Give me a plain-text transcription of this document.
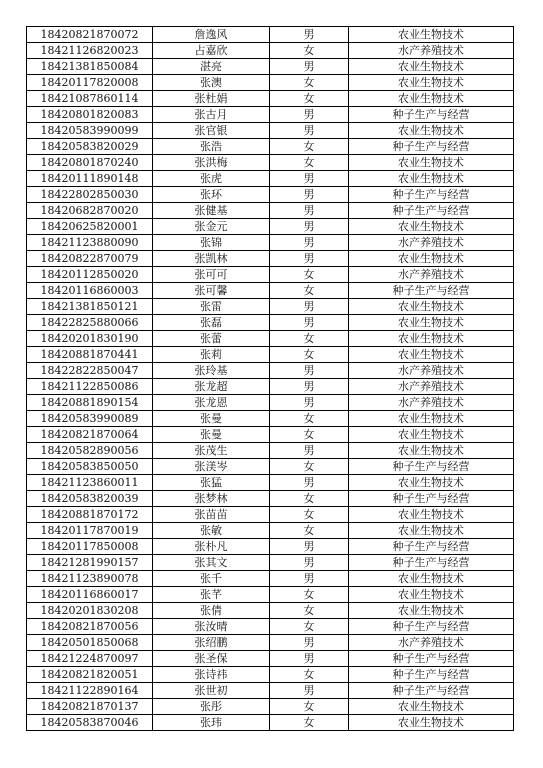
18420821870072	詹逸风	男	农业生物技术
18421126820023	占嘉欣	女	水产养殖技术
18421381850084	湛亮	男	农业生物技术
18420117820008	张澳	女	农业生物技术
18421087860114	张杜娟	女	农业生物技术
18420801820083	张古月	男	种子生产与经营
18420583990099	张官银	男	农业生物技术
18420583820029	张浩	女	种子生产与经营
18420801870240	张洪梅	女	农业生物技术
18420111890148	张虎	男	农业生物技术
18422802850030	张环	男	种子生产与经营
18420682870020	张健基	男	种子生产与经营
18420625820001	张金元	男	农业生物技术
18421123880090	张锦	男	水产养殖技术
18420822870079	张凯林	男	农业生物技术
18420112850020	张可可	女	水产养殖技术
18420116860003	张可馨	女	种子生产与经营
18421381850121	张雷	男	农业生物技术
18422825880066	张磊	男	农业生物技术
18420201830190	张蕾	女	农业生物技术
18420881870441	张莉	女	农业生物技术
18422822850047	张玲基	男	水产养殖技术
18421122850086	张龙超	男	水产养殖技术
18420881890154	张龙恩	男	水产养殖技术
18420583990089	张曼	女	农业生物技术
18420821870064	张曼	女	农业生物技术
18420582890056	张茂生	男	农业生物技术
18420583850050	张渼岑	女	种子生产与经营
18421123860011	张猛	男	农业生物技术
18420583820039	张梦林	女	种子生产与经营
18420881870172	张苗苗	女	农业生物技术
18420117870019	张敏	女	农业生物技术
18420117850008	张朴凡	男	种子生产与经营
18421281990157	张其文	男	种子生产与经营
18421123890078	张千	男	农业生物技术
18420116860017	张芊	女	农业生物技术
18420201830208	张倩	女	农业生物技术
18420821870056	张汝晴	女	种子生产与经营
18420501850068	张绍鹏	男	水产养殖技术
18421224870097	张圣保	男	种子生产与经营
18420821820051	张诗祎	女	种子生产与经营
18421122890164	张世初	男	种子生产与经营
18420821870137	张彤	女	农业生物技术
18420583870046	张玮	女	农业生物技术
